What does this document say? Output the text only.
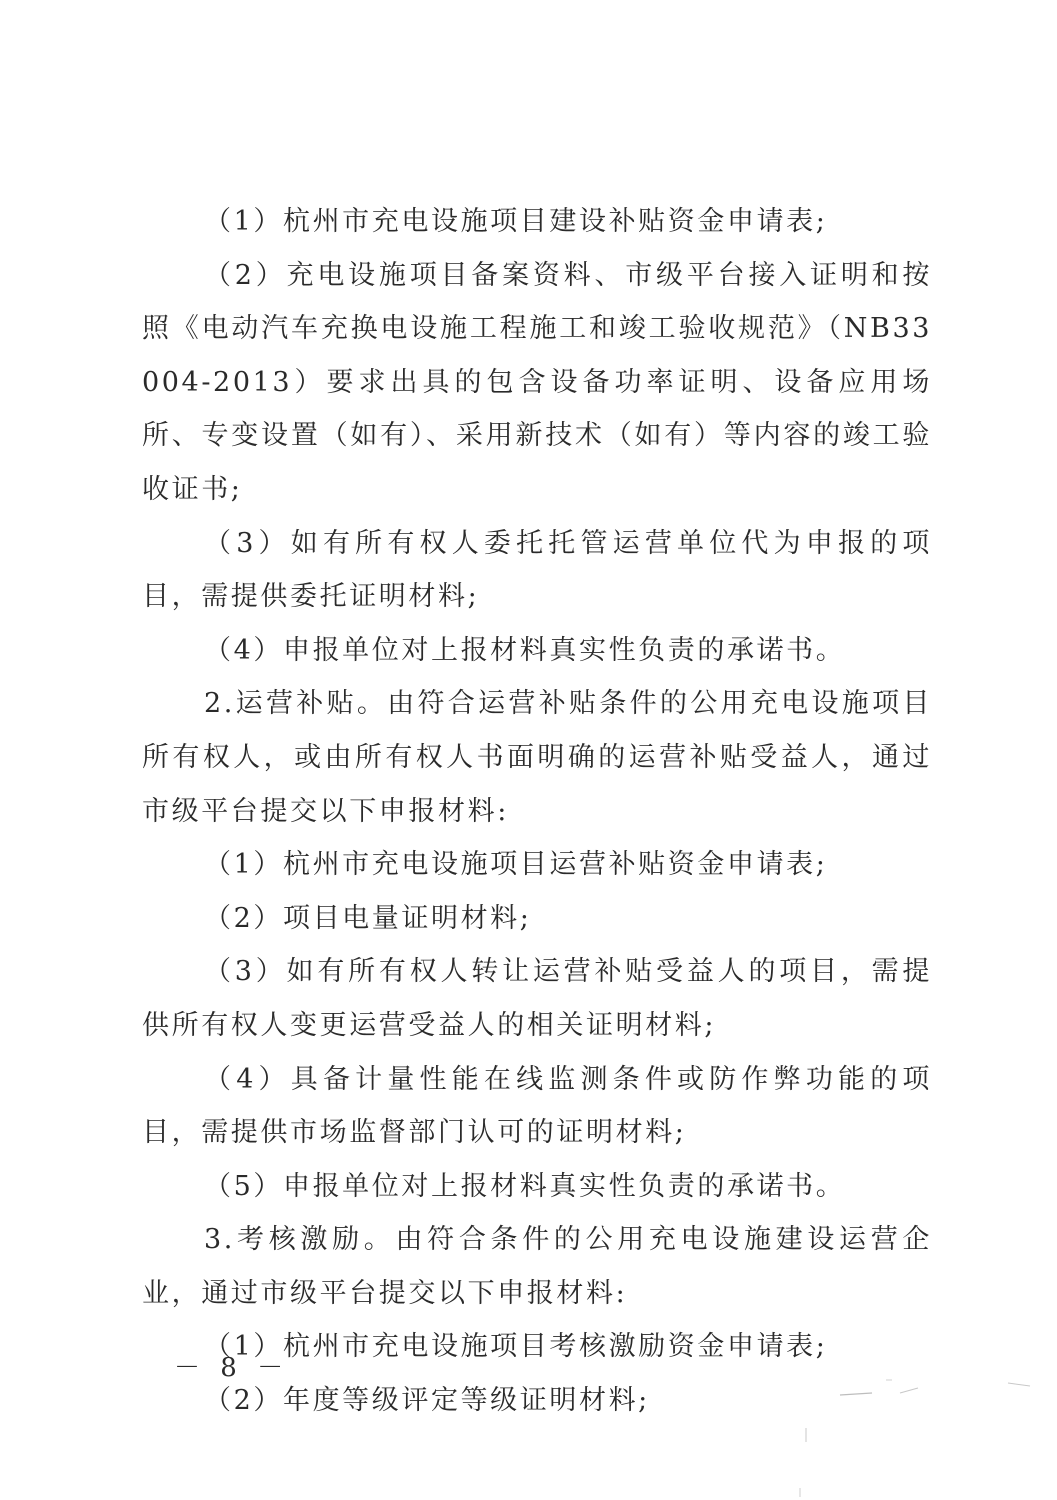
（1）杭州市充电设施项目建设补贴资金申请表;

（2）充电设施项目备案资料、市级平台接入证明和按照《电动汽车充换电设施工程施工和竣工验收规范》（NB33004-2013）要求出具的包含设备功率证明、设备应用场所、专变设置（如有）、采用新技术（如有）等内容的竣工验收证书;

（3）如有所有权人委托托管运营单位代为申报的项目，需提供委托证明材料;

（4）申报单位对上报材料真实性负责的承诺书。

2.运营补贴。由符合运营补贴条件的公用充电设施项目所有权人，或由所有权人书面明确的运营补贴受益人，通过市级平台提交以下申报材料:

（1）杭州市充电设施项目运营补贴资金申请表;

（2）项目电量证明材料;

（3）如有所有权人转让运营补贴受益人的项目，需提供所有权人变更运营受益人的相关证明材料;

（4）具备计量性能在线监测条件或防作弊功能的项目，需提供市场监督部门认可的证明材料;

（5）申报单位对上报材料真实性负责的承诺书。

3.考核激励。由符合条件的公用充电设施建设运营企业，通过市级平台提交以下申报材料:

（1）杭州市充电设施项目考核激励资金申请表;

（2）年度等级评定等级证明材料;

－ 8 －
